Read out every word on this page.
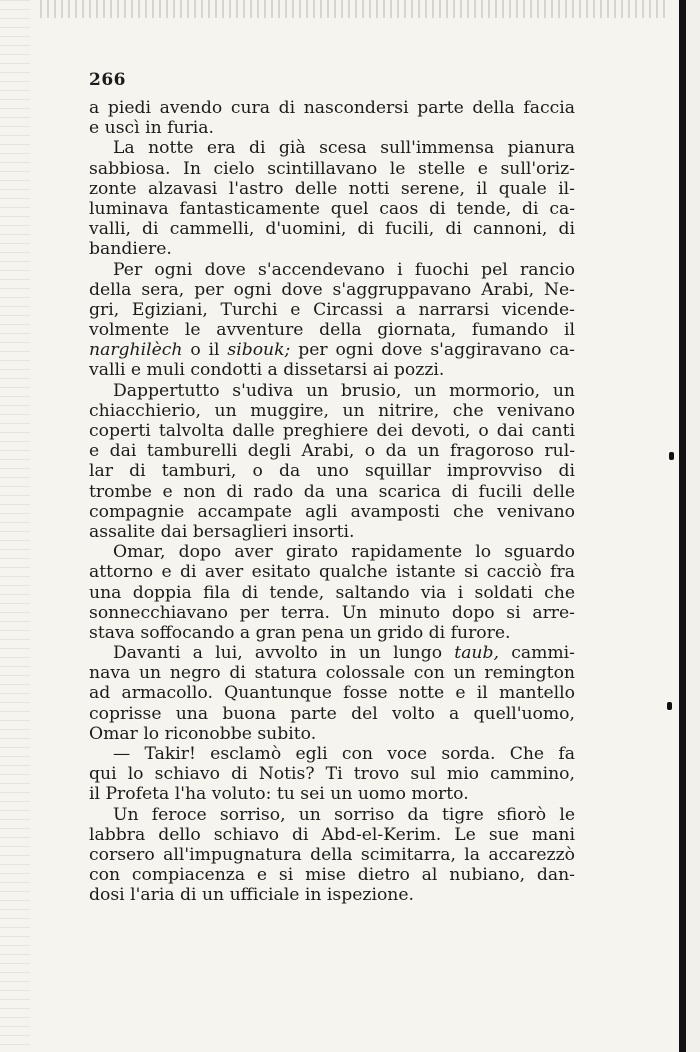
266
a piedi avendo cura di nascondersi parte della faccia
e uscì in furia.
La notte era di già scesa sull'immensa pianura
sabbiosa. In cielo scintillavano le stelle e sull'oriz-
zonte alzavasi l'astro delle notti serene, il quale il-
luminava fantasticamente quel caos di tende, di ca-
valli, di cammelli, d'uomini, di fucili, di cannoni, di
bandiere.
Per ogni dove s'accendevano i fuochi pel rancio
della sera, per ogni dove s'aggruppavano Arabi, Ne-
gri, Egiziani, Turchi e Circassi a narrarsi vicende-
volmente le avventure della giornata, fumando il
narghilèch o il sibouk; per ogni dove s'aggiravano ca-
valli e muli condotti a dissetarsi ai pozzi.
Dappertutto s'udiva un brusio, un mormorio, un
chiacchierio, un muggire, un nitrire, che venivano
coperti talvolta dalle preghiere dei devoti, o dai canti
e dai tamburelli degli Arabi, o da un fragoroso rul-
lar di tamburi, o da uno squillar improvviso di
trombe e non di rado da una scarica di fucili delle
compagnie accampate agli avamposti che venivano
assalite dai bersaglieri insorti.
Omar, dopo aver girato rapidamente lo sguardo
attorno e di aver esitato qualche istante si cacciò fra
una doppia fila di tende, saltando via i soldati che
sonnecchiavano per terra. Un minuto dopo si arre-
stava soffocando a gran pena un grido di furore.
Davanti a lui, avvolto in un lungo taub, cammi-
nava un negro di statura colossale con un remington
ad armacollo. Quantunque fosse notte e il mantello
coprisse una buona parte del volto a quell'uomo,
Omar lo riconobbe subito.
— Takir! esclamò egli con voce sorda. Che fa
qui lo schiavo di Notis? Ti trovo sul mio cammino,
il Profeta l'ha voluto: tu sei un uomo morto.
Un feroce sorriso, un sorriso da tigre sfiorò le
labbra dello schiavo di Abd-el-Kerim. Le sue mani
corsero all'impugnatura della scimitarra, la accarezzò
con compiacenza e si mise dietro al nubiano, dan-
dosi l'aria di un ufficiale in ispezione.
